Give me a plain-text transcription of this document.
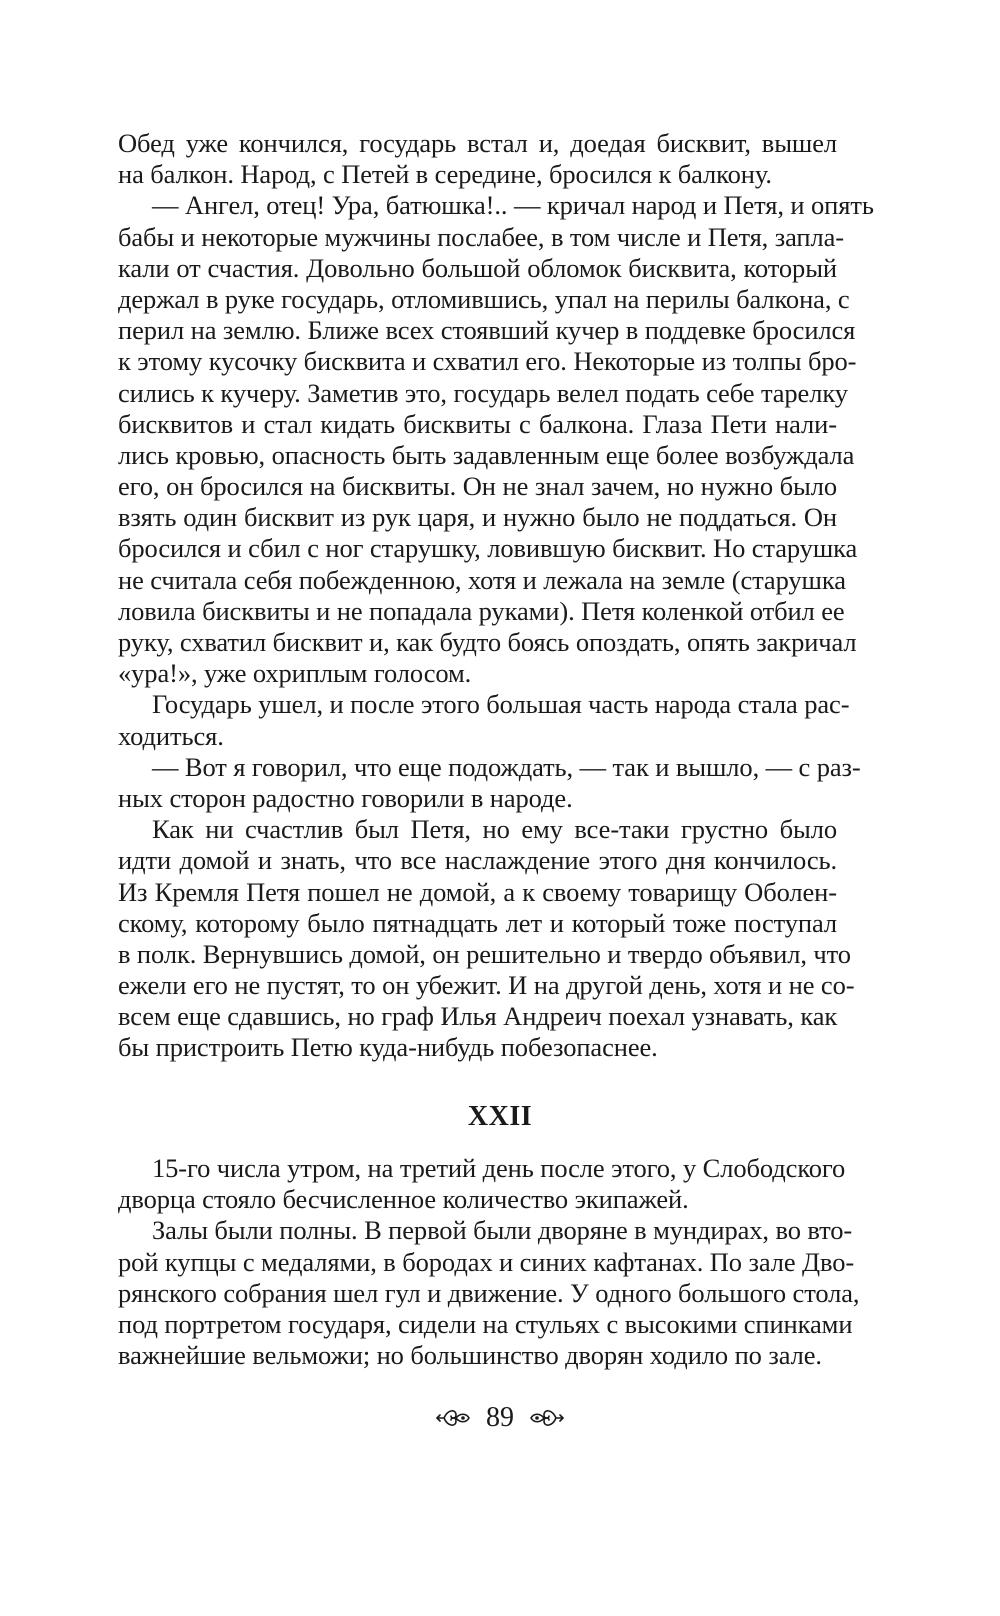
Обед уже кончился, государь встал и, доедая бисквит, вышел
на балкон. Народ, с Петей в середине, бросился к балкону.
— Ангел, отец! Ура, батюшка!.. — кричал народ и Петя, и опять
бабы и некоторые мужчины послабее, в том числе и Петя, запла-
кали от счастия. Довольно большой обломок бисквита, который
держал в руке государь, отломившись, упал на перилы балкона, с
перил на землю. Ближе всех стоявший кучер в поддевке бросился
к этому кусочку бисквита и схватил его. Некоторые из толпы бро-
сились к кучеру. Заметив это, государь велел подать себе тарелку
бисквитов и стал кидать бисквиты с балкона. Глаза Пети нали-
лись кровью, опасность быть задавленным еще более возбуждала
его, он бросился на бисквиты. Он не знал зачем, но нужно было
взять один бисквит из рук царя, и нужно было не поддаться. Он
бросился и сбил с ног старушку, ловившую бисквит. Но старушка
не считала себя побежденною, хотя и лежала на земле (старушка
ловила бисквиты и не попадала руками). Петя коленкой отбил ее
руку, схватил бисквит и, как будто боясь опоздать, опять закричал
«ура!», уже охриплым голосом.
Государь ушел, и после этого большая часть народа стала рас-
ходиться.
— Вот я говорил, что еще подождать, — так и вышло, — с раз-
ных сторон радостно говорили в народе.
Как ни счастлив был Петя, но ему все-таки грустно было
идти домой и знать, что все наслаждение этого дня кончилось.
Из Кремля Петя пошел не домой, а к своему товарищу Оболен-
скому, которому было пятнадцать лет и который тоже поступал
в полк. Вернувшись домой, он решительно и твердо объявил, что
ежели его не пустят, то он убежит. И на другой день, хотя и не со-
всем еще сдавшись, но граф Илья Андреич поехал узнавать, как
бы пристроить Петю куда-нибудь побезопаснее.
XXII
15-го числа утром, на третий день после этого, у Слободского
дворца стояло бесчисленное количество экипажей.
Залы были полны. В первой были дворяне в мундирах, во вто-
рой купцы с медалями, в бородах и синих кафтанах. По зале Дво-
рянского собрания шел гул и движение. У одного большого стола,
под портретом государя, сидели на стульях с высокими спинками
важнейшие вельможи; но большинство дворян ходило по зале.
89
